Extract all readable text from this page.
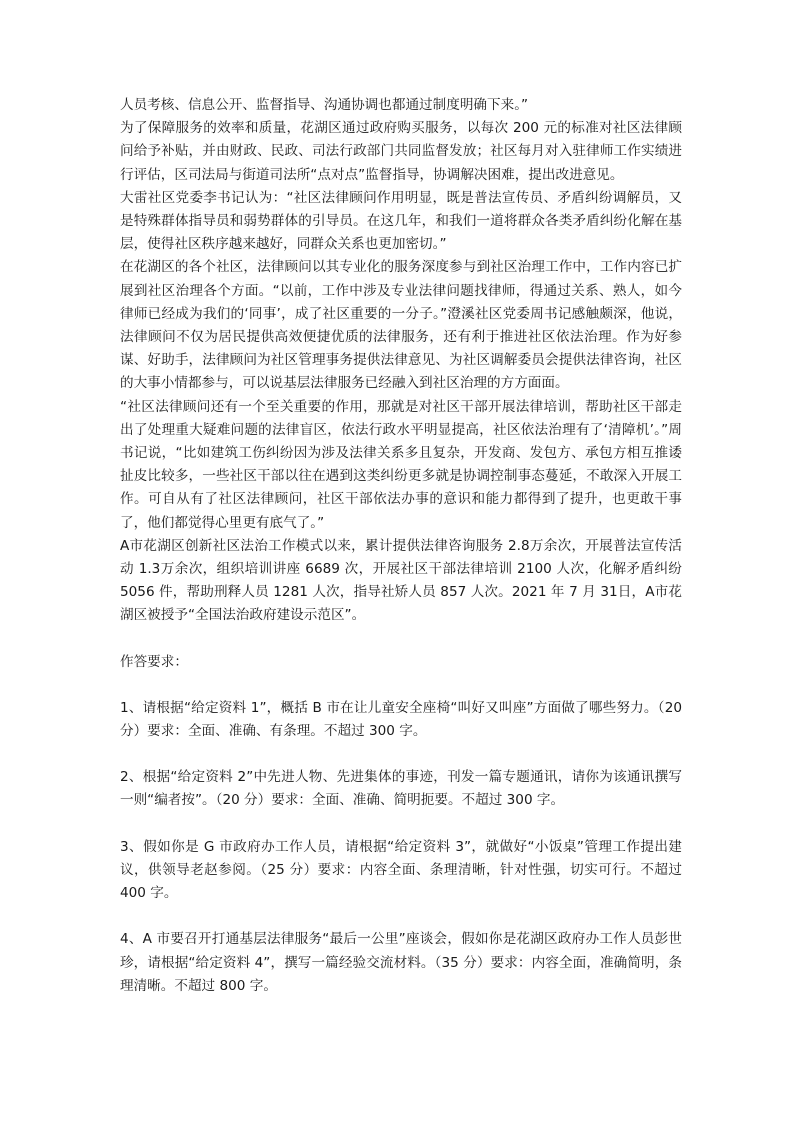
人员考核、信息公开、监督指导、沟通协调也都通过制度明确下来。”

为了保障服务的效率和质量，花湖区通过政府购买服务，以每次 200 元的标准对社区法律顾问给予补贴，并由财政、民政、司法行政部门共同监督发放；社区每月对入驻律师工作实绩进行评估，区司法局与街道司法所“点对点”监督指导，协调解决困难，提出改进意见。

大雷社区党委李书记认为：“社区法律顾问作用明显，既是普法宣传员、矛盾纠纷调解员，又是特殊群体指导员和弱势群体的引导员。在这几年，和我们一道将群众各类矛盾纠纷化解在基层，使得社区秩序越来越好，同群众关系也更加密切。”

在花湖区的各个社区，法律顾问以其专业化的服务深度参与到社区治理工作中，工作内容已扩展到社区治理各个方面。“以前，工作中涉及专业法律问题找律师，得通过关系、熟人，如今律师已经成为我们的‘同事’，成了社区重要的一分子。”澄溪社区党委周书记感触颇深，他说，法律顾问不仅为居民提供高效便捷优质的法律服务，还有利于推进社区依法治理。作为好参谋、好助手，法律顾问为社区管理事务提供法律意见、为社区调解委员会提供法律咨询，社区的大事小情都参与，可以说基层法律服务已经融入到社区治理的方方面面。

“社区法律顾问还有一个至关重要的作用，那就是对社区干部开展法律培训，帮助社区干部走出了处理重大疑难问题的法律盲区，依法行政水平明显提高，社区依法治理有了‘清障机’。”周书记说，“比如建筑工伤纠纷因为涉及法律关系多且复杂，开发商、发包方、承包方相互推诿扯皮比较多，一些社区干部以往在遇到这类纠纷更多就是协调控制事态蔓延，不敢深入开展工作。可自从有了社区法律顾问，社区干部依法办事的意识和能力都得到了提升，也更敢干事了，他们都觉得心里更有底气了。”

A市花湖区创新社区法治工作模式以来，累计提供法律咨询服务 2.8万余次，开展普法宣传活动 1.3万余次，组织培训讲座 6689 次，开展社区干部法律培训 2100 人次，化解矛盾纠纷 5056 件，帮助刑释人员 1281 人次，指导社矫人员 857 人次。2021 年 7 月 31日，A市花湖区被授予“全国法治政府建设示范区”。

作答要求：

1、请根据“给定资料 1”，概括 B 市在让儿童安全座椅“叫好又叫座”方面做了哪些努力。（20 分）要求：全面、准确、有条理。不超过 300 字。

2、根据“给定资料 2”中先进人物、先进集体的事迹，刊发一篇专题通讯，请你为该通讯撰写一则“编者按”。（20 分）要求：全面、准确、简明扼要。不超过 300 字。

3、假如你是 G 市政府办工作人员，请根据“给定资料 3”，就做好“小饭桌”管理工作提出建议，供领导老赵参阅。（25 分）要求：内容全面、条理清晰，针对性强，切实可行。不超过 400 字。

4、A 市要召开打通基层法律服务“最后一公里”座谈会，假如你是花湖区政府办工作人员彭世珍，请根据“给定资料 4”，撰写一篇经验交流材料。（35 分）要求：内容全面，准确简明，条理清晰。不超过 800 字。
